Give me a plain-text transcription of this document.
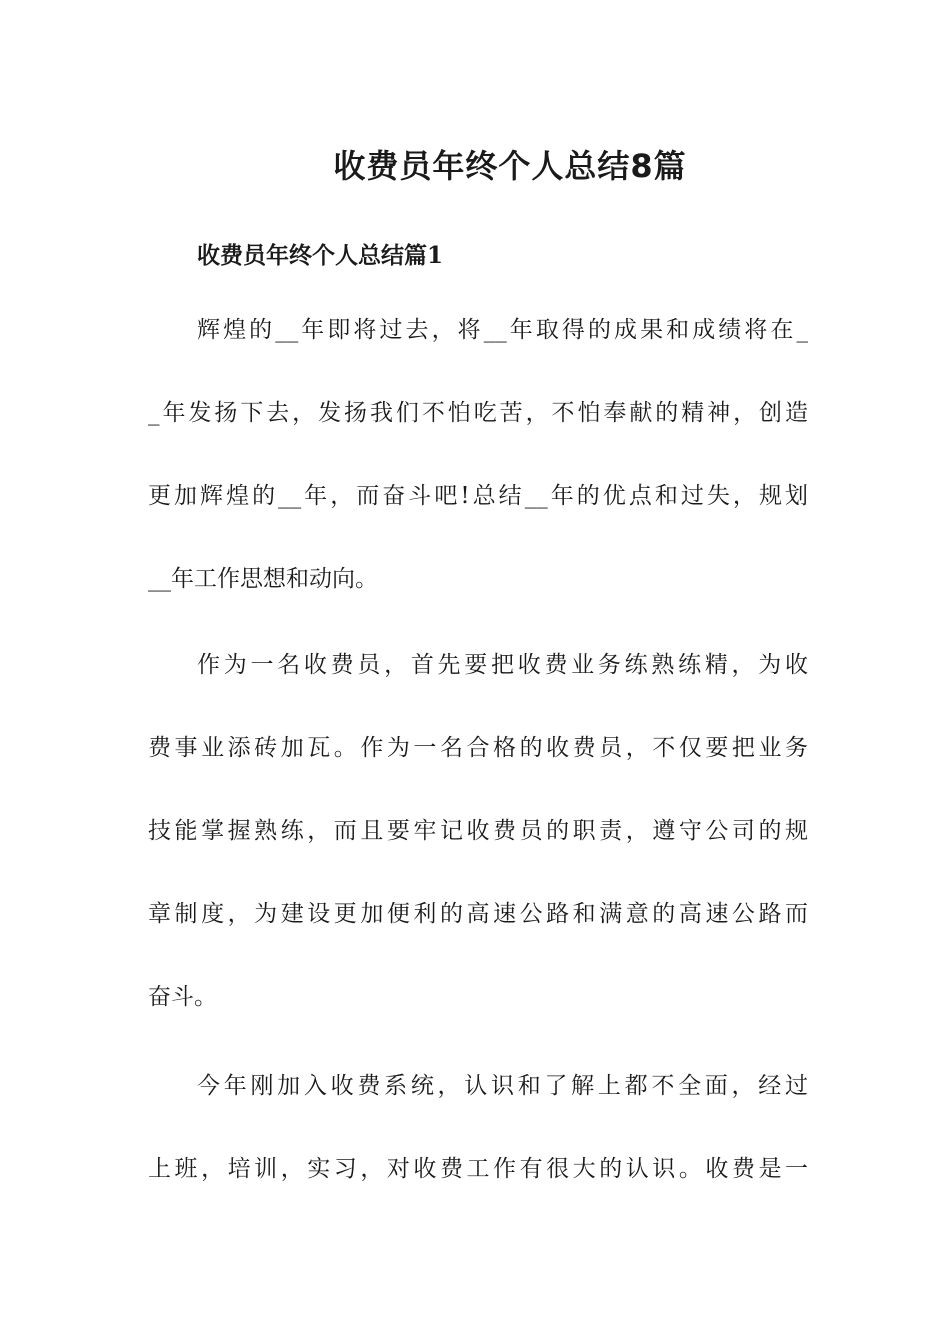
收费员年终个人总结8篇
收费员年终个人总结篇1
辉煌的__年即将过去，将__年取得的成果和成绩将在_
_年发扬下去，发扬我们不怕吃苦，不怕奉献的精神，创造
更加辉煌的__年，而奋斗吧!总结__年的优点和过失，规划
__年工作思想和动向。
作为一名收费员，首先要把收费业务练熟练精，为收
费事业添砖加瓦。作为一名合格的收费员，不仅要把业务
技能掌握熟练，而且要牢记收费员的职责，遵守公司的规
章制度，为建设更加便利的高速公路和满意的高速公路而
奋斗。
今年刚加入收费系统，认识和了解上都不全面，经过
上班，培训，实习，对收费工作有很大的认识。收费是一
